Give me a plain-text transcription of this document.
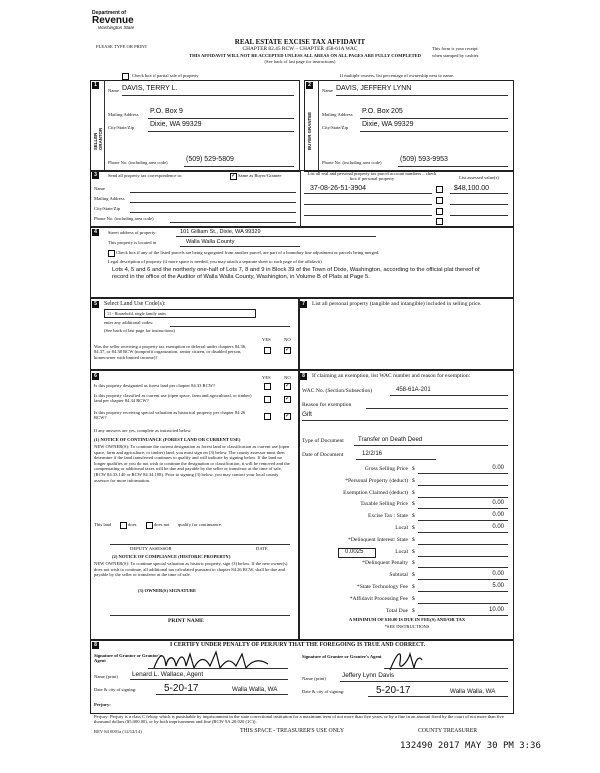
Department of
Revenue
Washington State
PLEASE TYPE OR PRINT
REAL ESTATE EXCISE TAX AFFIDAVIT
CHAPTER 82.45 RCW – CHAPTER 458-61A WAC
THIS AFFIDAVIT WILL NOT BE ACCEPTED UNLESS ALL AREAS ON ALL PAGES ARE FULLY COMPLETED
(See back of last page for instructions)
This form is your receipt
when stamped by cashier.
Check box if partial sale of property	If multiple owners, list percentage of ownership next to name.
1
SELLER GRANTOR
Name DAVIS, TERRY L.
Mailing Address P.O. Box 9
City/State/Zip Dixie, WA 99329
Phone No. (including area code)	(509) 529-5809
2
BUYER GRANTEE
Name DAVIS, JEFFERY LYNN
Mailing Address P.O. Box 205
City/State/Zip Dixie, WA 99329
Phone No. (including area code)	(509) 593-9953
3	Send all property tax correspondence to:
✓	Same as Buyer/Grantee
Name
Mailing Address
City/State/Zip
Phone No. (including area code)
List all real and personal property tax parcel account numbers – check box if personal property	List assessed value(s)
37-08-26-51-3904	$48,100.00
4	Street address of property:	101 Gilliam St., Dixie, WA 99329
This property is located in	Walla Walla County
Check box if any of the listed parcels are being segregated from another parcel, are part of a boundary line adjustment or parcels being merged.
Legal description of property (if more space is needed, you may attach a separate sheet to each page of the affidavit)
Lots 4, 5 and 6 and the northerly one-half of Lots 7, 8 and 9 in Block 39 of the Town of Dixie, Washington, according to the official plat thereof of record in the office of the Auditor of Walla Walla County, Washington, in Volume B of Plats at Page 5.
5	Select Land Use Code(s):
11 - Household, single family units
enter any additional codes:
(See back of last page for instructions)
YES	NO
Was the seller receiving a property tax exemption or deferral under chapters 84.36, 84.37, or 84.38 RCW (nonprofit organization, senior citizen, or disabled person, homeowner with limited income)?
✓
6	YES	NO
Is this property designated as forest land per chapter 84.33 RCW?
✓
Is this property classified as current use (open space, farm and agricultural, or timber) land per chapter 84.34 RCW?
✓
Is this property receiving special valuation as historical property per chapter 84.26 RCW?
✓
If any answers are yes, complete as instructed below.
(1) NOTICE OF CONTINUANCE (FOREST LAND OR CURRENT USE)
NEW OWNER(S): To continue the current designation as forest land or classification as current use (open space, farm and agriculture, or timber) land, you must sign on (3) below. The county assessor must then determine if the land transferred continues to qualify and will indicate by signing below. If the land no longer qualifies or you do not wish to continue the designation or classification, it will be removed and the compensating or additional taxes will be due and payable by the seller or transferor at the time of sale. (RCW 84.33.140 or RCW 84.34.108). Prior to signing (3) below, you may contact your local county assessor for more information.
This land	does	does not qualify for continuance.
DEPUTY ASSESSOR	DATE
(2) NOTICE OF COMPLIANCE (HISTORIC PROPERTY)
NEW OWNER(S): To continue special valuation as historic property, sign (3) below. If the new owner(s) does not wish to continue, all additional tax calculated pursuant to chapter 84.26 RCW, shall be due and payable by the seller or transferor at the time of sale.
(3) OWNER(S) SIGNATURE
PRINT NAME
7	List all personal property (tangible and intangible) included in selling price.
8	If claiming an exemption, list WAC number and reason for exemption:
WAC No. (Section/Subsection)	458-61A-201
Reason for exemption
Gift
Type of Document Transfer on Death Deed
Date of Document	12/2/16
Gross Selling Price $	0.00
*Personal Property (deduct) $
Exemption Claimed (deduct) $
Taxable Selling Price $	0.00
Excise Tax : State $	0.00
Local $	0.00
*Delinquent Interest: State $
Local $
*Delinquent Penalty $
Subtotal $	0.00
*State Technology Fee $	5.00
*Affidavit Processing Fee $
Total Due $	10.00
0.0025
A MINIMUM OF $10.00 IS DUE IN FEE(S) AND/OR TAX
*SEE INSTRUCTIONS
8	I CERTIFY UNDER PENALTY OF PERJURY THAT THE FOREGOING IS TRUE AND CORRECT.
Signature of Grantor or Grantor's Agent
Name (print) Lenard L. Wallace, Agent
Date & city of signing:	5-20-17	Walla Walla, WA
Signature of Grantee or Grantee's Agent
Name (print)	Jeffery Lynn Davis
Date & city of signing:	5-20-17	Walla Walla, WA
Perjury:
Perjury: Perjury is a class C felony which is punishable by imprisonment in the state correctional institution for a maximum term of not more than five years, or by a fine in an amount fixed by the court of not more than five thousand dollars ($5,000.00), or by both imprisonment and fine (RCW 9A.20.020 (1C)).
REV 84 0001a (12/12/14)	THIS SPACE - TREASURER'S USE ONLY	COUNTY TREASURER
132490 2017 MAY 30 PM 3:36
